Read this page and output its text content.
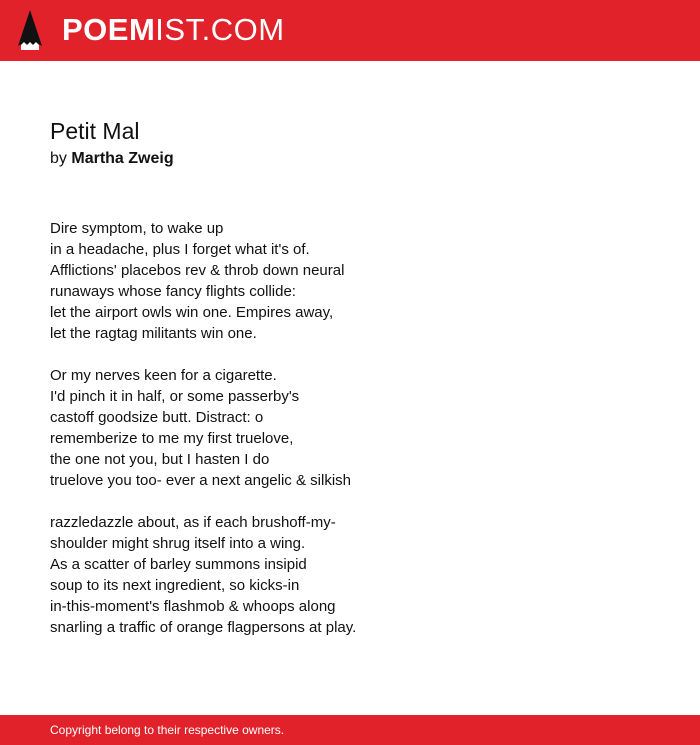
POEMIST.COM
Petit Mal
by Martha Zweig
Dire symptom, to wake up
in a headache, plus I forget what it's of.
Afflictions' placebos rev & throb down neural
runaways whose fancy flights collide:
let the airport owls win one. Empires away,
let the ragtag militants win one.
Or my nerves keen for a cigarette.
I'd pinch it in half, or some passerby's
castoff goodsize butt. Distract: o
rememberize to me my first truelove,
the one not you, but I hasten I do
truelove you too- ever a next angelic & silkish
razzledazzle about, as if each brushoff-my-
shoulder might shrug itself into a wing.
As a scatter of barley summons insipid
soup to its next ingredient, so kicks-in
in-this-moment's flashmob & whoops along
snarling a traffic of orange flagpersons at play.
Copyright belong to their respective owners.
